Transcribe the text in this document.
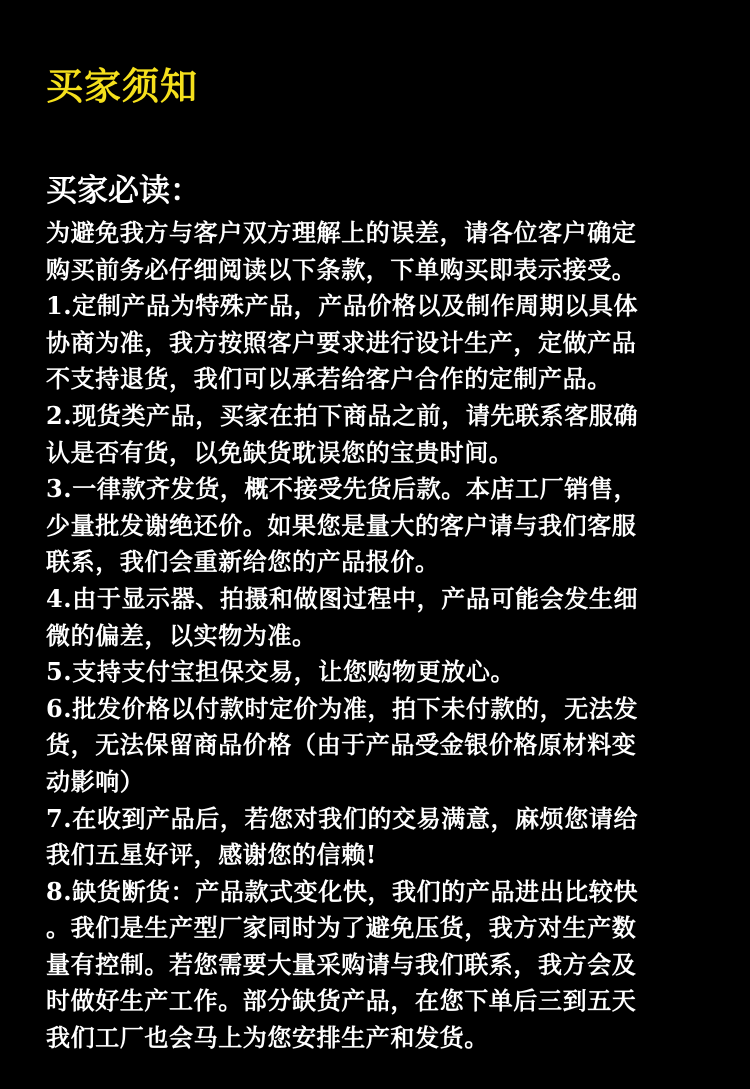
买家须知
买家必读：
为避免我方与客户双方理解上的误差，请各位客户确定
购买前务必仔细阅读以下条款，下单购买即表示接受。
1.定制产品为特殊产品，产品价格以及制作周期以具体
协商为准，我方按照客户要求进行设计生产，定做产品
不支持退货，我们可以承若给客户合作的定制产品。
2.现货类产品，买家在拍下商品之前，请先联系客服确
认是否有货，以免缺货耽误您的宝贵时间。
3.一律款齐发货，概不接受先货后款。本店工厂销售，
少量批发谢绝还价。如果您是量大的客户请与我们客服
联系，我们会重新给您的产品报价。
4.由于显示器、拍摄和做图过程中，产品可能会发生细
微的偏差，以实物为准。
5.支持支付宝担保交易，让您购物更放心。
6.批发价格以付款时定价为准，拍下未付款的，无法发
货，无法保留商品价格（由于产品受金银价格原材料变
动影响）
7.在收到产品后，若您对我们的交易满意，麻烦您请给
我们五星好评，感谢您的信赖!
8.缺货断货：产品款式变化快，我们的产品进出比较快
。我们是生产型厂家同时为了避免压货，我方对生产数
量有控制。若您需要大量采购请与我们联系，我方会及
时做好生产工作。部分缺货产品，在您下单后三到五天
我们工厂也会马上为您安排生产和发货。
